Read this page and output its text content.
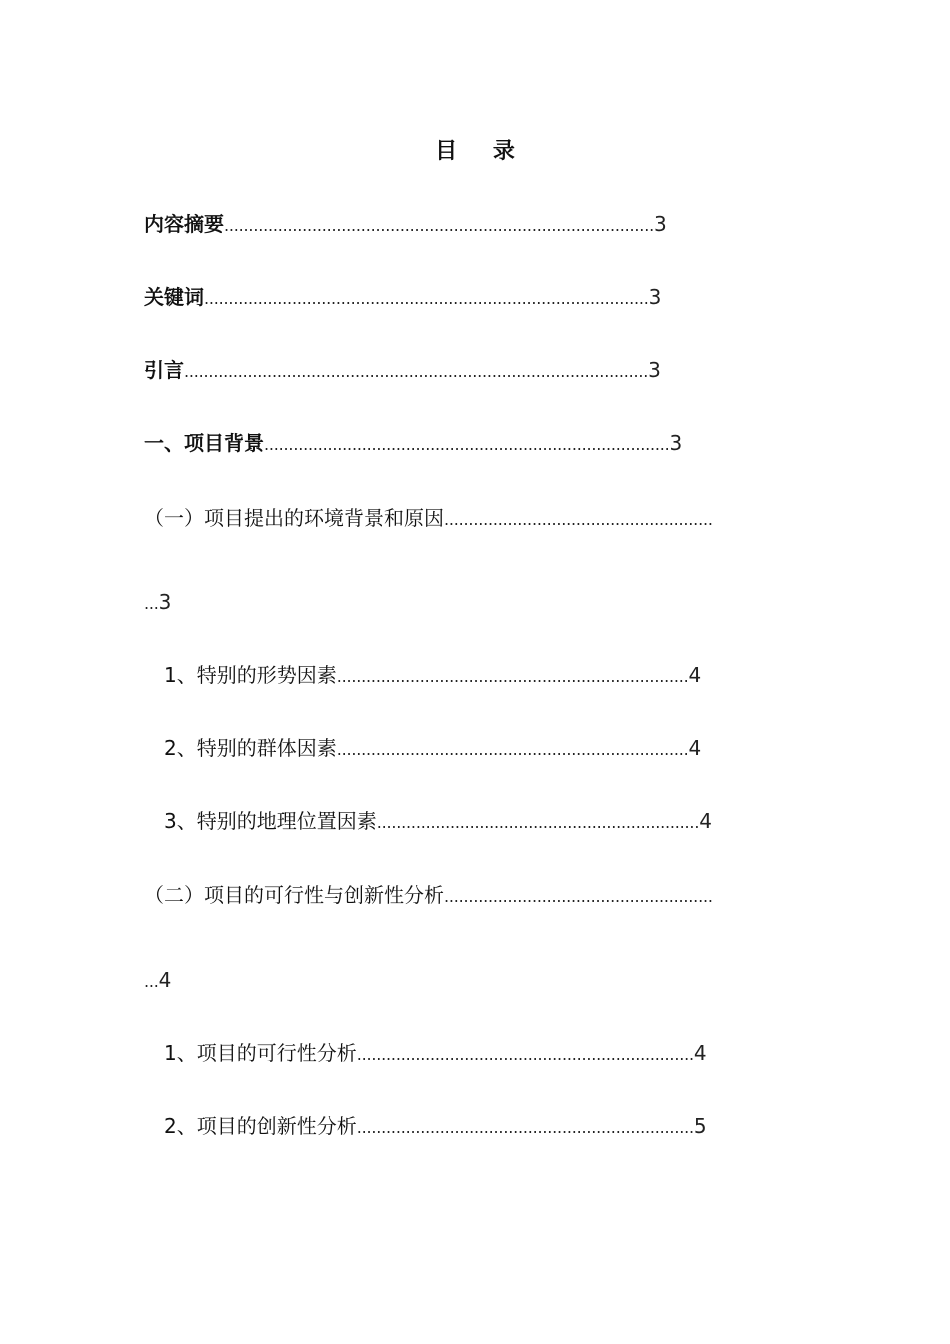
目 录
内容摘要........................................................................................3
关键词...........................................................................................3
引言...............................................................................................3
一、项目背景...................................................................................3
（一）项目提出的环境背景和原因.......................................................
...3
1、特别的形势因素........................................................................4
2、特别的群体因素........................................................................4
3、特别的地理位置因素..................................................................4
（二）项目的可行性与创新性分析.......................................................
...4
1、项目的可行性分析.....................................................................4
2、项目的创新性分析.....................................................................5
